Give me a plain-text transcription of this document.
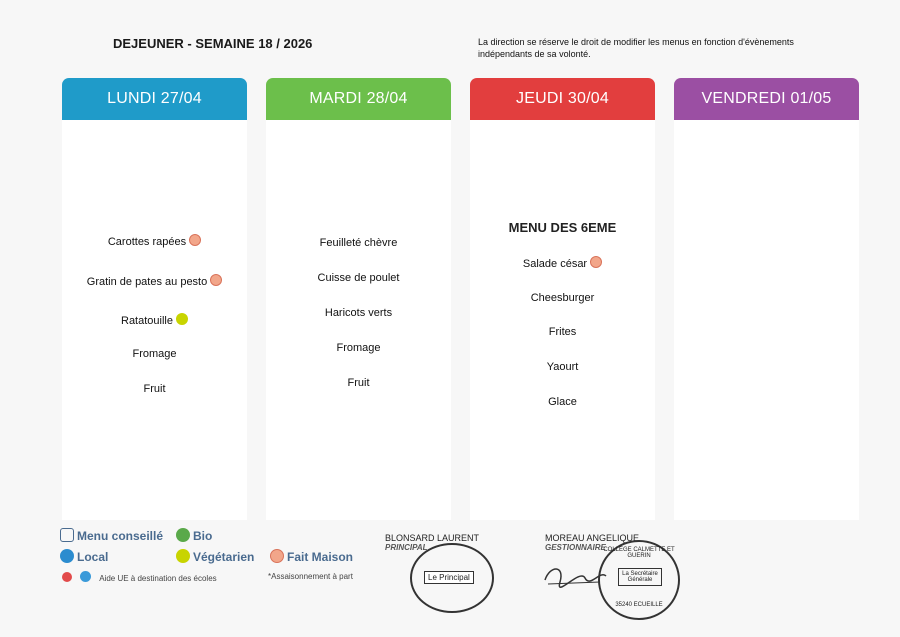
DEJEUNER - SEMAINE 18 / 2026	La direction se réserve le droit de modifier les menus en fonction d'évènements indépendants de sa volonté.
LUNDI 27/04
Carottes rapées
Gratin de pates au pesto
Ratatouille
Fromage
Fruit
MARDI 28/04
Feuilleté chèvre
Cuisse de poulet
Haricots verts
Fromage
Fruit
JEUDI 30/04
MENU DES 6EME
Salade césar
Cheesburger
Frites
Yaourt
Glace
VENDREDI 01/05
Menu conseillé	Bio
Local	Végétarien	Fait Maison
Aide UE à destination des écoles	*Assaisonnement à part
BLONSARD LAURENT
PRINCIPAL
Le Principal
MOREAU ANGELIQUE
GESTIONNAIRE
COLLEGE CALMETTE ET GUERIN
La Secrétaire Générale
35240 ECUEILLE
